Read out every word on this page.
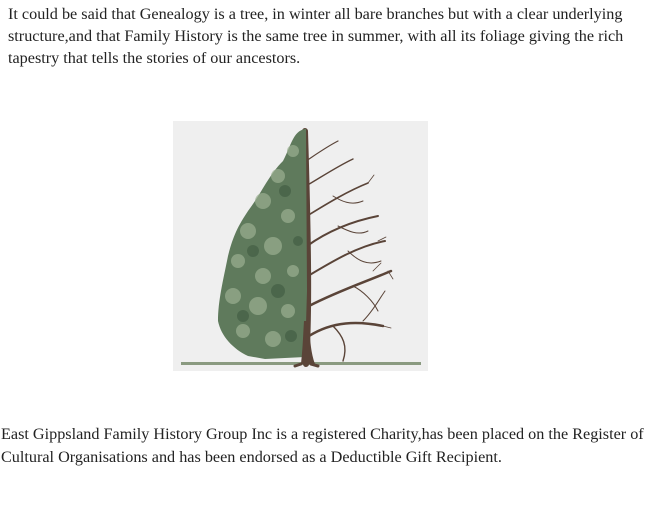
It could be said that Genealogy is a tree, in winter all bare branches but with a clear underlying structure,and that Family History is the same tree in summer, with all its foliage giving the rich tapestry that tells the stories of our ancestors.

East Gippsland Family History Group Inc is a registered Charity,has been placed on the Register of Cultural Organisations and has been endorsed as a Deductible Gift Recipient.
